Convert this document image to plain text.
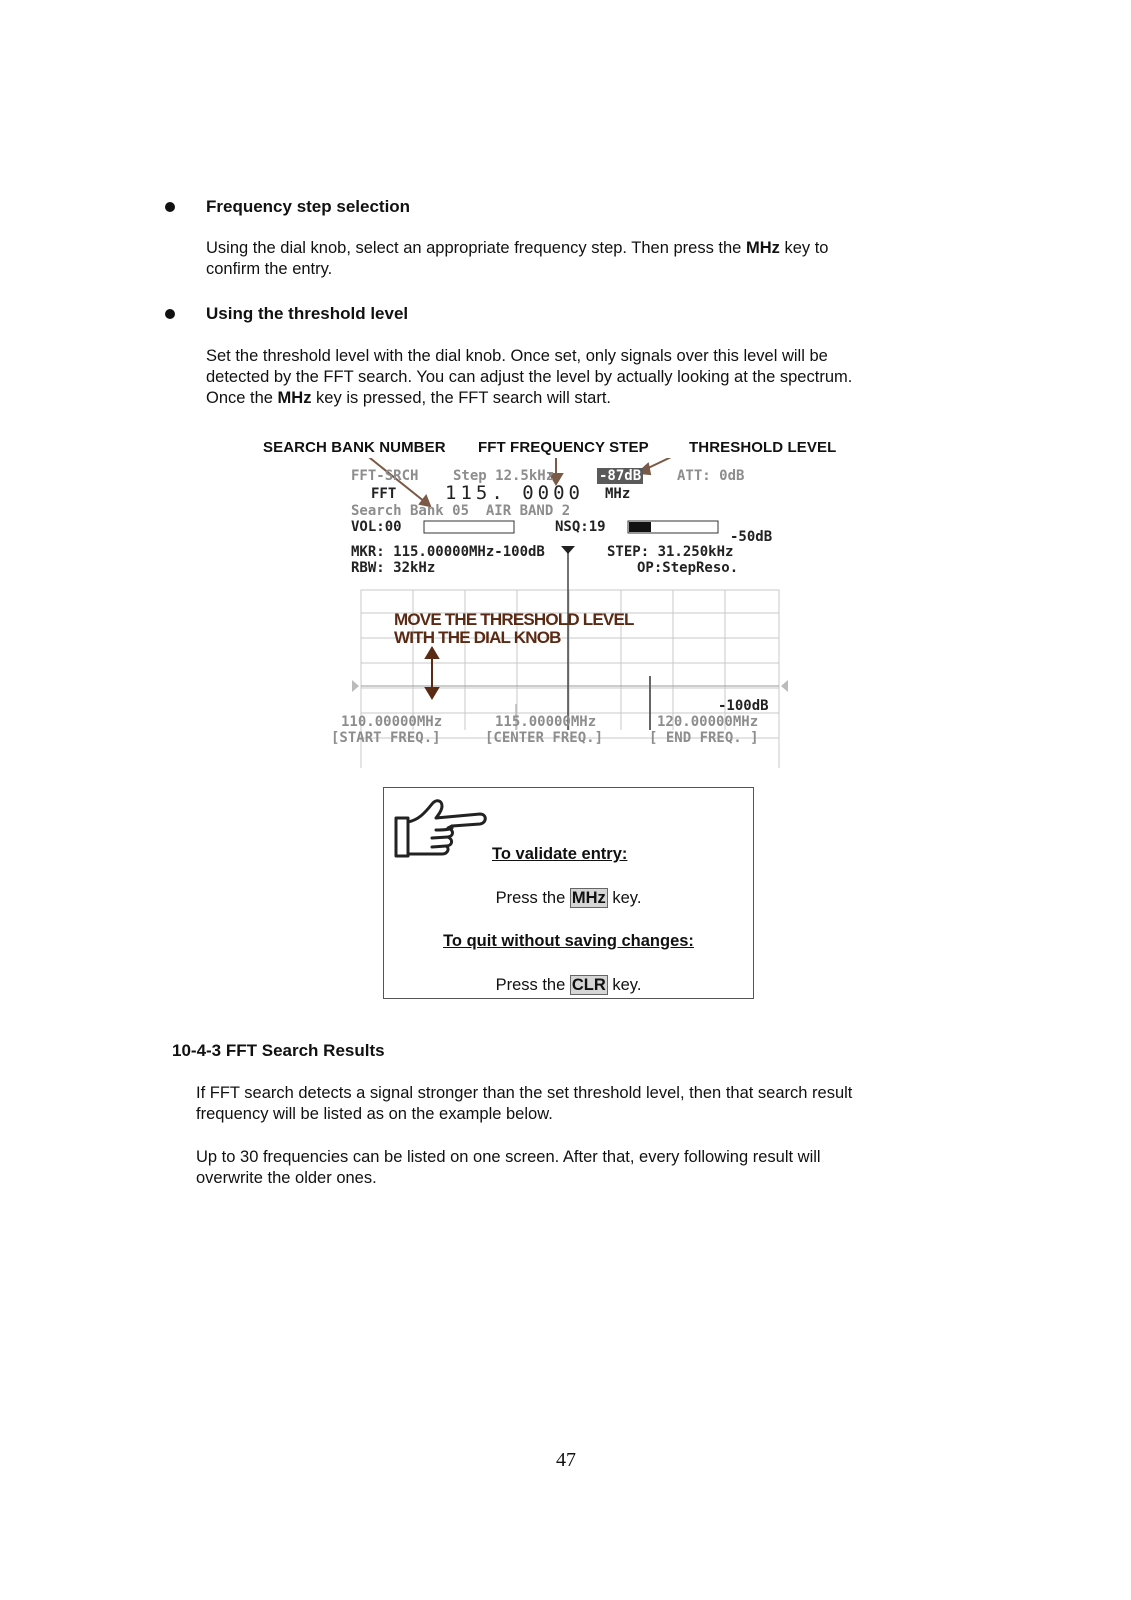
Frequency step selection
Using the dial knob, select an appropriate frequency step. Then press the MHz key to
confirm the entry.
Using the threshold level
Set the threshold level with the dial knob. Once set, only signals over this level will be
detected by the FFT search. You can adjust the level by actually looking at the spectrum.
Once the MHz key is pressed, the FFT search will start.
SEARCH BANK NUMBER FFT FREQUENCY STEP	THRESHOLD LEVEL
FFT-SRCH Step 12.5kHz	-87dB	ATT: 0dB
FFT	115. 0000 MHz
Search Bank 05  AIR BAND 2
VOL:00	NSQ:19
-50dB
MKR: 115.00000MHz-100dB	STEP: 31.250kHz
RBW: 32kHz	OP:StepReso.
MOVE THE THRESHOLD LEVEL
WITH THE DIAL KNOB
-100dB
110.00000MHz	115.00000MHz	120.00000MHz
[START FREQ.]	[CENTER FREQ.]	[ END FREQ. ]
To validate entry:
Press the MHz key.
To quit without saving changes:
Press the CLR key.
10-4-3 FFT Search Results
If FFT search detects a signal stronger than the set threshold level, then that search result
frequency will be listed as on the example below.
Up to 30 frequencies can be listed on one screen. After that, every following result will
overwrite the older ones.
47
